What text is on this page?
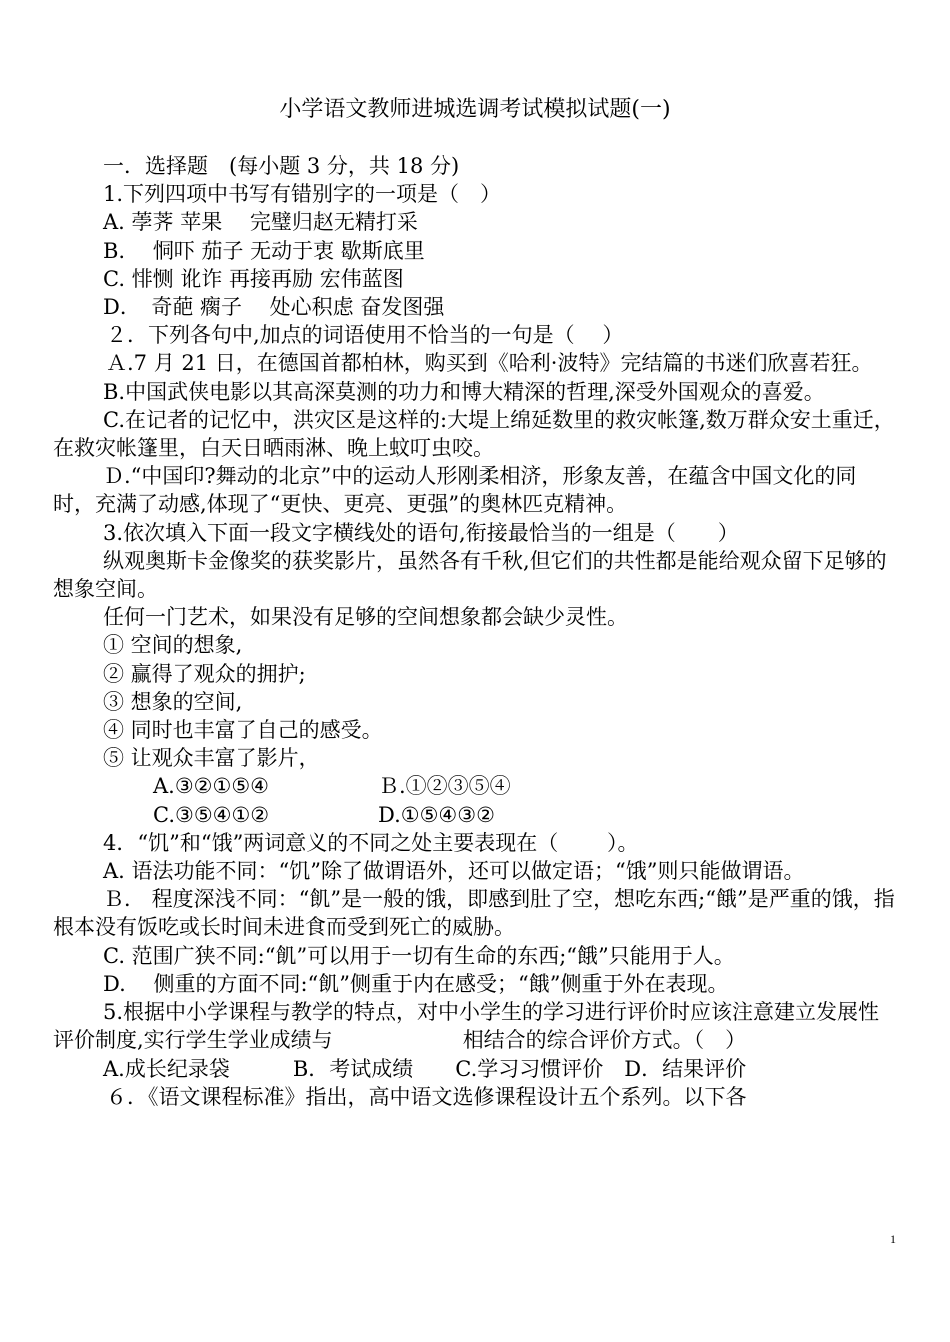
小学语文教师进城选调考试模拟试题(一)

一．选择题　(每小题 3 分，共 18 分)

1.下列四项中书写有错别字的一项是（　）

A. 荸荠 苹果　 完璧归赵无精打采

B.　 恫吓 茄子 无动于衷 歇斯底里

C. 悱恻 讹诈 再接再励 宏伟蓝图

D．　奇葩 瘸子　 处心积虑 奋发图强

２．下列各句中,加点的词语使用不恰当的一句是（　 ）

Ａ.7 月 21 日，在德国首都柏林，购买到《哈利·波特》完结篇的书迷们欣喜若狂。

B.中国武侠电影以其高深莫测的功力和博大精深的哲理,深受外国观众的喜爱。

C.在记者的记忆中，洪灾区是这样的:大堤上绵延数里的救灾帐篷,数万群众安土重迁，在救灾帐篷里，白天日晒雨淋、晚上蚊叮虫咬。

Ｄ.“中国印?舞动的北京”中的运动人形刚柔相济，形象友善，在蕴含中国文化的同时，充满了动感,体现了“更快、更亮、更强”的奥林匹克精神。

3.依次填入下面一段文字横线处的语句,衔接最恰当的一组是（　　）

纵观奥斯卡金像奖的获奖影片，虽然各有千秋,但它们的共性都是能给观众留下足够的想象空间。

任何一门艺术，如果没有足够的空间想象都会缺少灵性。

① 空间的想象,

② 赢得了观众的拥护;

③ 想象的空间,

④ 同时也丰富了自己的感受。

⑤ 让观众丰富了影片，

A.③②①⑤④	Ｂ.①②③⑤④

C.③⑤④①②	D.①⑤④③②

4．“饥”和“饿”两词意义的不同之处主要表现在（　　 ）。

A. 语法功能不同：“饥”除了做谓语外，还可以做定语；“饿”则只能做谓语。

Ｂ． 程度深浅不同：“飢”是一般的饿，即感到肚了空，想吃东西;“餓”是严重的饿，指根本没有饭吃或长时间未进食而受到死亡的威胁。

C. 范围广狭不同:“飢”可以用于一切有生命的东西;“餓”只能用于人。

D.　 侧重的方面不同:“飢”侧重于内在感受；“餓”侧重于外在表现。

5.根据中小学课程与教学的特点，对中小学生的学习进行评价时应该注意建立发展性评价制度,实行学生学业成绩与	相结合的综合评价方式。（　）

A.成长纪录袋　　　B．考试成绩　　C.学习习惯评价　D．结果评价

６．《语文课程标准》指出，高中语文选修课程设计五个系列。以下各

1
